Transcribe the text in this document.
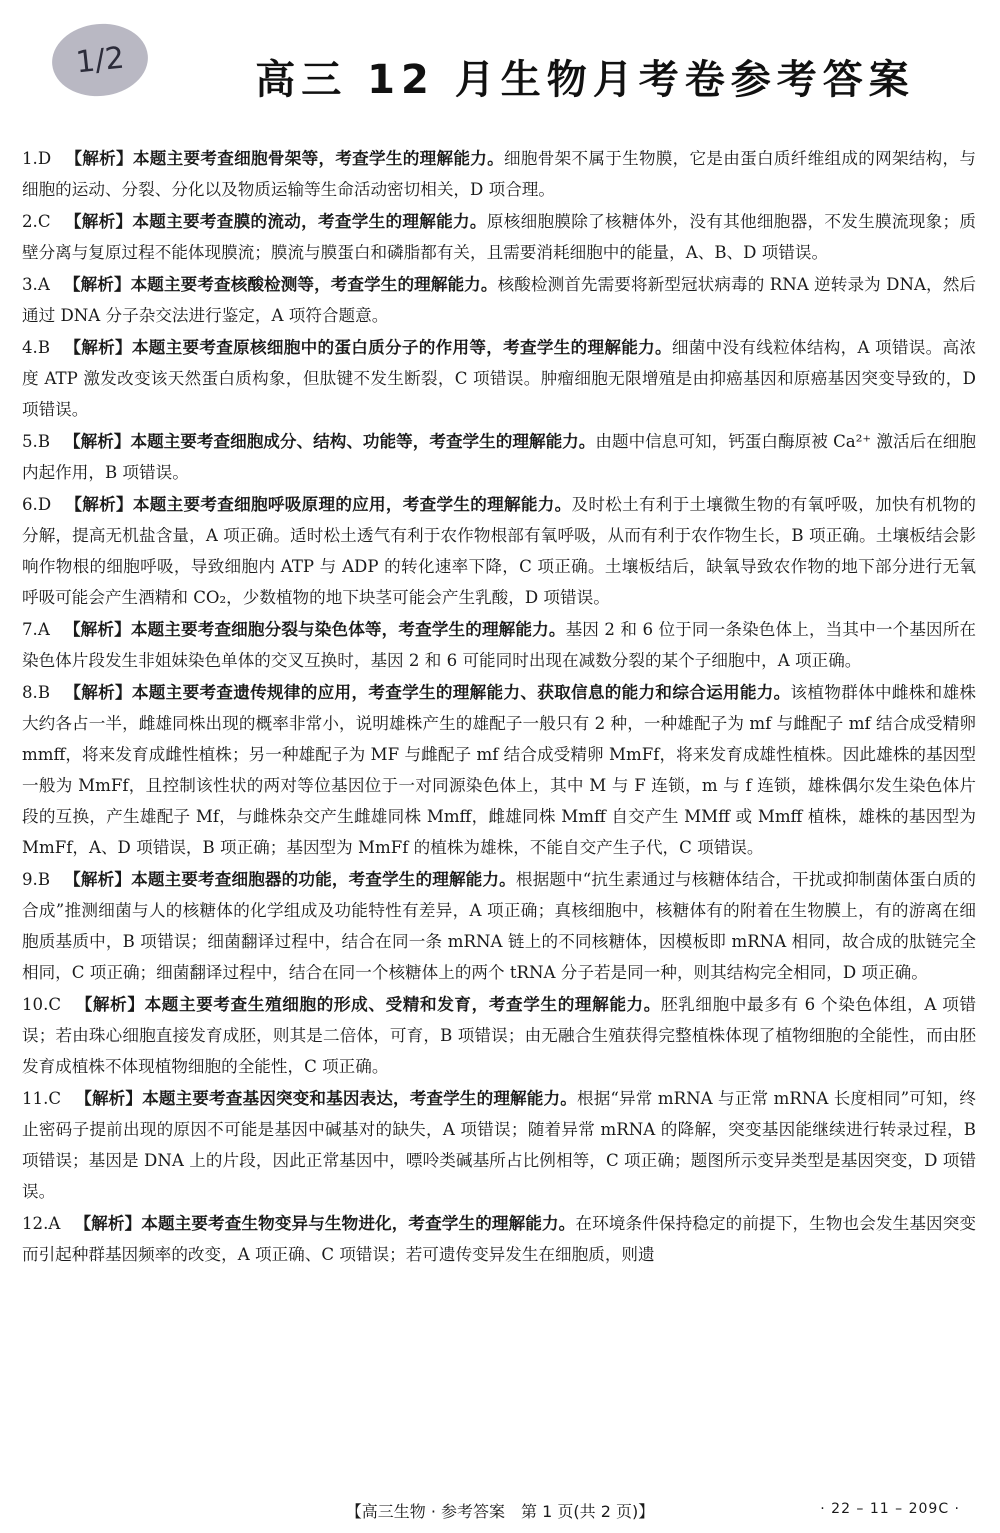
1/2	高三 12 月生物月考卷参考答案
1.D 【解析】本题主要考查细胞骨架等，考查学生的理解能力。细胞骨架不属于生物膜，它是由蛋白质纤维组成的网架结构，与细胞的运动、分裂、分化以及物质运输等生命活动密切相关，D 项合理。
2.C 【解析】本题主要考查膜的流动，考查学生的理解能力。原核细胞膜除了核糖体外，没有其他细胞器，不发生膜流现象；质壁分离与复原过程不能体现膜流；膜流与膜蛋白和磷脂都有关，且需要消耗细胞中的能量，A、B、D 项错误。
3.A 【解析】本题主要考查核酸检测等，考查学生的理解能力。核酸检测首先需要将新型冠状病毒的 RNA 逆转录为 DNA，然后通过 DNA 分子杂交法进行鉴定，A 项符合题意。
4.B 【解析】本题主要考查原核细胞中的蛋白质分子的作用等，考查学生的理解能力。细菌中没有线粒体结构，A 项错误。高浓度 ATP 激发改变该天然蛋白质构象，但肽键不发生断裂，C 项错误。肿瘤细胞无限增殖是由抑癌基因和原癌基因突变导致的，D 项错误。
5.B 【解析】本题主要考查细胞成分、结构、功能等，考查学生的理解能力。由题中信息可知，钙蛋白酶原被 Ca²⁺ 激活后在细胞内起作用，B 项错误。
6.D 【解析】本题主要考查细胞呼吸原理的应用，考查学生的理解能力。及时松土有利于土壤微生物的有氧呼吸，加快有机物的分解，提高无机盐含量，A 项正确。适时松土透气有利于农作物根部有氧呼吸，从而有利于农作物生长，B 项正确。土壤板结会影响作物根的细胞呼吸，导致细胞内 ATP 与 ADP 的转化速率下降，C 项正确。土壤板结后，缺氧导致农作物的地下部分进行无氧呼吸可能会产生酒精和 CO₂，少数植物的地下块茎可能会产生乳酸，D 项错误。
7.A 【解析】本题主要考查细胞分裂与染色体等，考查学生的理解能力。基因 2 和 6 位于同一条染色体上，当其中一个基因所在染色体片段发生非姐妹染色单体的交叉互换时，基因 2 和 6 可能同时出现在减数分裂的某个子细胞中，A 项正确。
8.B 【解析】本题主要考查遗传规律的应用，考查学生的理解能力、获取信息的能力和综合运用能力。该植物群体中雌株和雄株大约各占一半，雌雄同株出现的概率非常小，说明雄株产生的雄配子一般只有 2 种，一种雄配子为 mf 与雌配子 mf 结合成受精卵 mmff，将来发育成雌性植株；另一种雄配子为 MF 与雌配子 mf 结合成受精卵 MmFf，将来发育成雄性植株。因此雄株的基因型一般为 MmFf，且控制该性状的两对等位基因位于一对同源染色体上，其中 M 与 F 连锁，m 与 f 连锁，雄株偶尔发生染色体片段的互换，产生雄配子 Mf，与雌株杂交产生雌雄同株 Mmff，雌雄同株 Mmff 自交产生 MMff 或 Mmff 植株，雄株的基因型为 MmFf，A、D 项错误，B 项正确；基因型为 MmFf 的植株为雄株，不能自交产生子代，C 项错误。
9.B 【解析】本题主要考查细胞器的功能，考查学生的理解能力。根据题中“抗生素通过与核糖体结合，干扰或抑制菌体蛋白质的合成”推测细菌与人的核糖体的化学组成及功能特性有差异，A 项正确；真核细胞中，核糖体有的附着在生物膜上，有的游离在细胞质基质中，B 项错误；细菌翻译过程中，结合在同一条 mRNA 链上的不同核糖体，因模板即 mRNA 相同，故合成的肽链完全相同，C 项正确；细菌翻译过程中，结合在同一个核糖体上的两个 tRNA 分子若是同一种，则其结构完全相同，D 项正确。
10.C 【解析】本题主要考查生殖细胞的形成、受精和发育，考查学生的理解能力。胚乳细胞中最多有 6 个染色体组，A 项错误；若由珠心细胞直接发育成胚，则其是二倍体，可育，B 项错误；由无融合生殖获得完整植株体现了植物细胞的全能性，而由胚发育成植株不体现植物细胞的全能性，C 项正确。
11.C 【解析】本题主要考查基因突变和基因表达，考查学生的理解能力。根据“异常 mRNA 与正常 mRNA 长度相同”可知，终止密码子提前出现的原因不可能是基因中碱基对的缺失，A 项错误；随着异常 mRNA 的降解，突变基因能继续进行转录过程，B 项错误；基因是 DNA 上的片段，因此正常基因中，嘌呤类碱基所占比例相等，C 项正确；题图所示变异类型是基因突变，D 项错误。
12.A 【解析】本题主要考查生物变异与生物进化，考查学生的理解能力。在环境条件保持稳定的前提下，生物也会发生基因突变而引起种群基因频率的改变，A 项正确、C 项错误；若可遗传变异发生在细胞质，则遗
【高三生物 · 参考答案　第 1 页(共 2 页)】	· 22 – 11 – 209C ·
